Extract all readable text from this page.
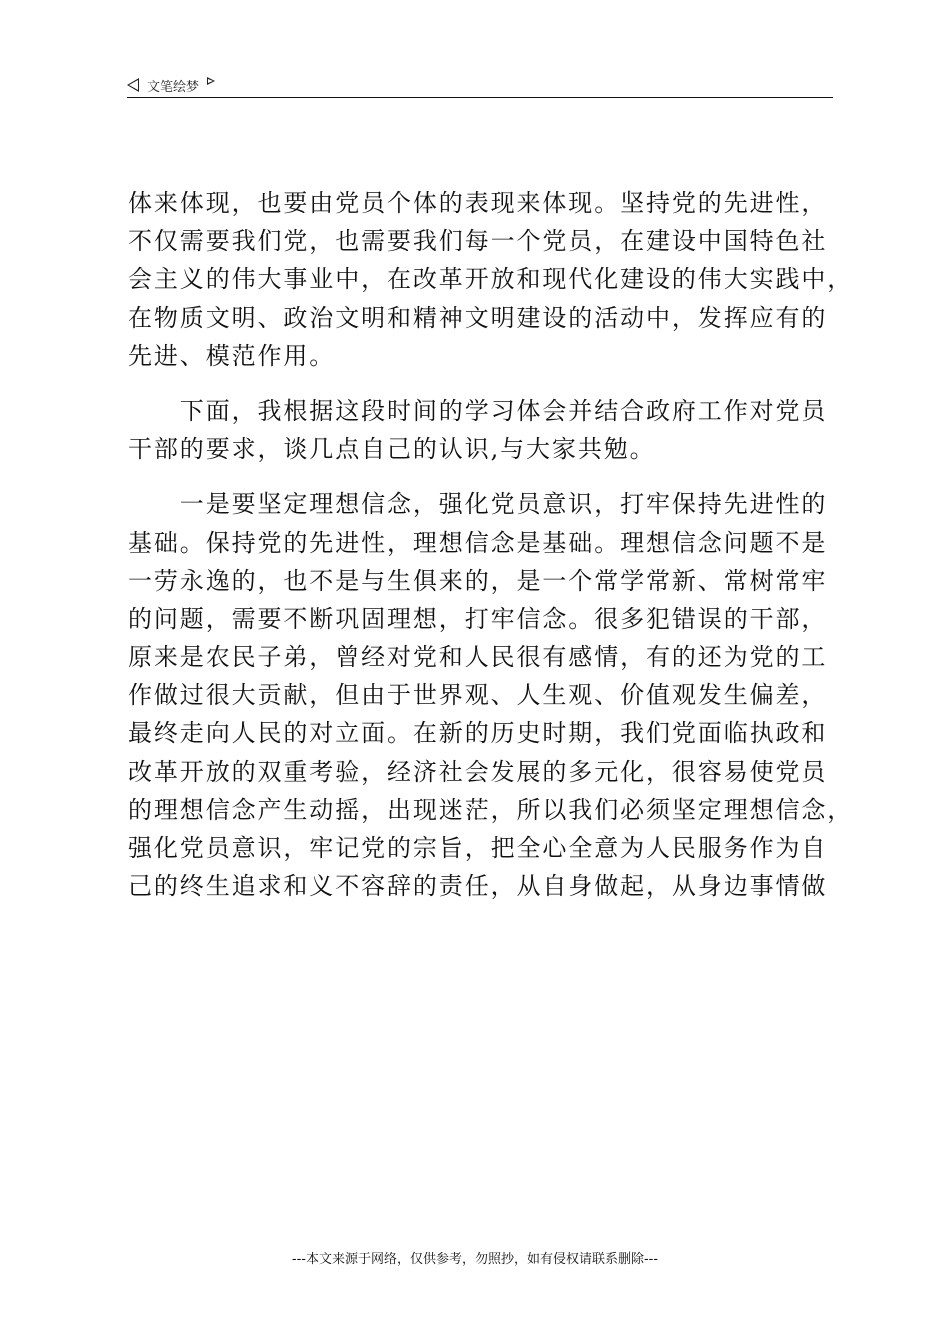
文笔绘梦
体来体现，也要由党员个体的表现来体现。坚持党的先进性，
不仅需要我们党，也需要我们每一个党员，在建设中国特色社
会主义的伟大事业中，在改革开放和现代化建设的伟大实践中，
在物质文明、政治文明和精神文明建设的活动中，发挥应有的
先进、模范作用。
　　下面，我根据这段时间的学习体会并结合政府工作对党员
干部的要求，谈几点自己的认识,与大家共勉。
　　一是要坚定理想信念，强化党员意识，打牢保持先进性的
基础。保持党的先进性，理想信念是基础。理想信念问题不是
一劳永逸的，也不是与生俱来的，是一个常学常新、常树常牢
的问题，需要不断巩固理想，打牢信念。很多犯错误的干部，
原来是农民子弟，曾经对党和人民很有感情，有的还为党的工
作做过很大贡献，但由于世界观、人生观、价值观发生偏差，
最终走向人民的对立面。在新的历史时期，我们党面临执政和
改革开放的双重考验，经济社会发展的多元化，很容易使党员
的理想信念产生动摇，出现迷茫，所以我们必须坚定理想信念，
强化党员意识，牢记党的宗旨，把全心全意为人民服务作为自
己的终生追求和义不容辞的责任，从自身做起，从身边事情做
---本文来源于网络，仅供参考，勿照抄，如有侵权请联系删除---
